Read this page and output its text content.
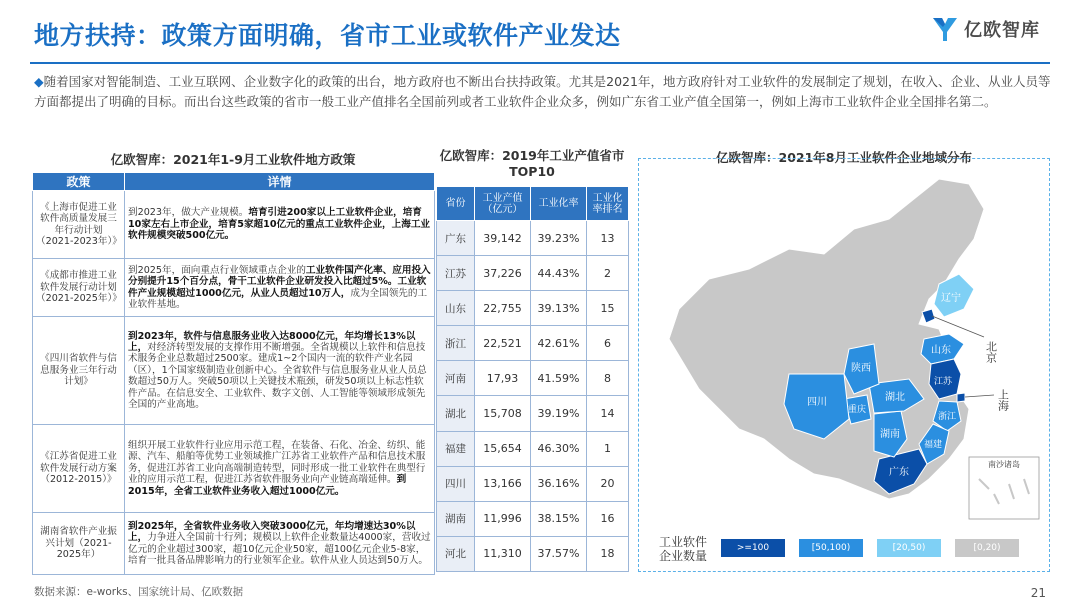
地方扶持：政策方面明确，省市工业或软件产业发达	亿欧智库
◆随着国家对智能制造、工业互联网、企业数字化的政策的出台，地方政府也不断出台扶持政策。尤其是2021年，地方政府针对工业软件的发展制定了规划，在收入、企业、从业人员等方面都提出了明确的目标。而出台这些政策的省市一般工业产值排名全国前列或者工业软件企业众多，例如广东省工业产值全国第一，例如上海市工业软件企业全国排名第二。
亿欧智库：2021年1-9月工业软件地方政策
政策	详情
《上海市促进工业软件高质量发展三年行动计划（2021-2023年）》	到2023年，做大产业规模。培育引进200家以上工业软件企业，培育10家左右上市企业，培育5家超10亿元的重点工业软件企业，上海工业软件规模突破500亿元。
《成都市推进工业软件发展行动计划（2021-2025年）》	到2025年，面向重点行业领域重点企业的工业软件国产化率、应用投入分别提升15个百分点，骨干工业软件企业研发投入比超过5%。工业软件产业规模超过1000亿元，从业人员超过10万人，成为全国领先的工业软件基地。
《四川省软件与信息服务业三年行动计划》	到2023年，软件与信息服务业收入达8000亿元，年均增长13%以上，对经济转型发展的支撑作用不断增强。全省规模以上软件和信息技术服务企业总数超过2500家。建成1~2个国内一流的软件产业名园（区），1个国家级制造业创新中心。全省软件与信息服务业从业人员总数超过50万人。突破50项以上关键技术瓶颈，研发50项以上标志性软件产品。在信息安全、工业软件、数字文创、人工智能等领域形成领先全国的产业高地。
《江苏省促进工业软件发展行动方案（2012-2015）》	组织开展工业软件行业应用示范工程，在装备、石化、冶金、纺织、能源、汽车、船舶等优势工业领域推广江苏省工业软件产品和信息技术服务，促进江苏省工业向高端制造转型，同时形成一批工业软件在典型行业的应用示范工程，促进江苏省软件服务业向产业链高端延伸。到2015年，全省工业软件业务收入超过1000亿元。
湖南省软件产业振兴计划（2021-2025年）	到2025年，全省软件业务收入突破3000亿元，年均增速达30%以上，力争进入全国前十行列；规模以上软件企业数量达4000家，营收过亿元的企业超过300家，超10亿元企业50家，超100亿元企业5-8家，培育一批具备品牌影响力的行业领军企业。软件从业人员达到50万人。
亿欧智库：2019年工业产值省市TOP10
省份	工业产值（亿元）	工业化率	工业化率排名
广东	39,142	39.23%	13
江苏	37,226	44.43%	2
山东	22,755	39.13%	15
浙江	22,521	42.61%	6
河南	17,93	41.59%	8
湖北	15,708	39.19%	14
福建	15,654	46.30%	1
四川	13,166	36.16%	20
湖南	11,996	38.15%	16
河北	11,310	37.57%	18
亿欧智库：2021年8月工业软件企业地域分布
辽宁
山东
江苏
浙江
福建
广东
湖南
湖北
重庆
陕西
四川
北京
上海
南沙诸岛
工业软件企业数量
>=100	[50,100)	[20,50)	[0,20)
数据来源：e-works、国家统计局、亿欧数据	21
